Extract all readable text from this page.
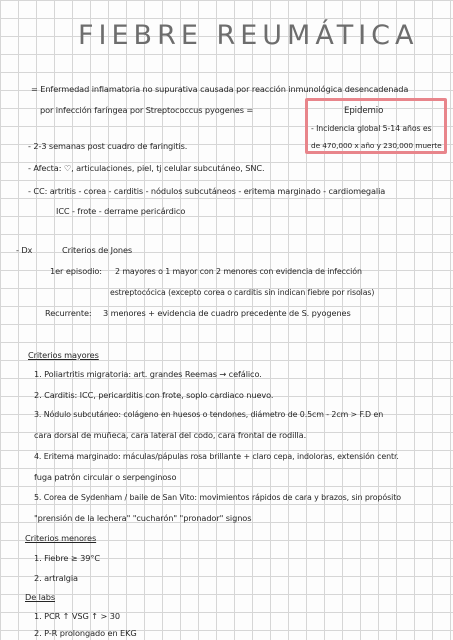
FIEBRE REUMÁTICA
= Enfermedad inflamatoria no supurativa causada por reacción inmunológica desencadenada
por infección faríngea por Streptococcus pyogenes =	Epidemio
- Incidencia global 5-14 años es
de 470,000 x año y 230,000 muerte
- 2-3 semanas post cuadro de faringitis.
- Afecta: ♡, articulaciones, piel, tj celular subcutáneo, SNC.
- CC: artritis - corea - carditis - nódulos subcutáneos - eritema marginado - cardiomegalia
ICC - frote - derrame pericárdico
- Dx	Criterios de Jones
1er episodio: 2 mayores o 1 mayor con 2 menores con evidencia de infección
estreptocócica (excepto corea o carditis sin indican fiebre por risolas)
Recurrente: 3 menores + evidencia de cuadro precedente de S. pyogenes
Criterios mayores
1. Poliartritis migratoria: art. grandes Reemas → cefálico.
2. Carditis: ICC, pericarditis con frote, soplo cardiaco nuevo.
3. Nódulo subcutáneo: colágeno en huesos o tendones, diámetro de 0.5cm - 2cm > F.D en
cara dorsal de muñeca, cara lateral del codo, cara frontal de rodilla.
4. Eritema marginado: máculas/pápulas rosa brillante + claro cepa, indoloras, extensión centr.
fuga patrón circular o serpenginoso
5. Corea de Sydenham / baile de San Vito: movimientos rápidos de cara y brazos, sin propósito
"prensión de la lechera" "cucharón" "pronador" signos
Criterios menores
1. Fiebre ≥ 39°C
2. artralgia
De labs
1. PCR ↑ VSG ↑ > 30
2. P-R prolongado en EKG
